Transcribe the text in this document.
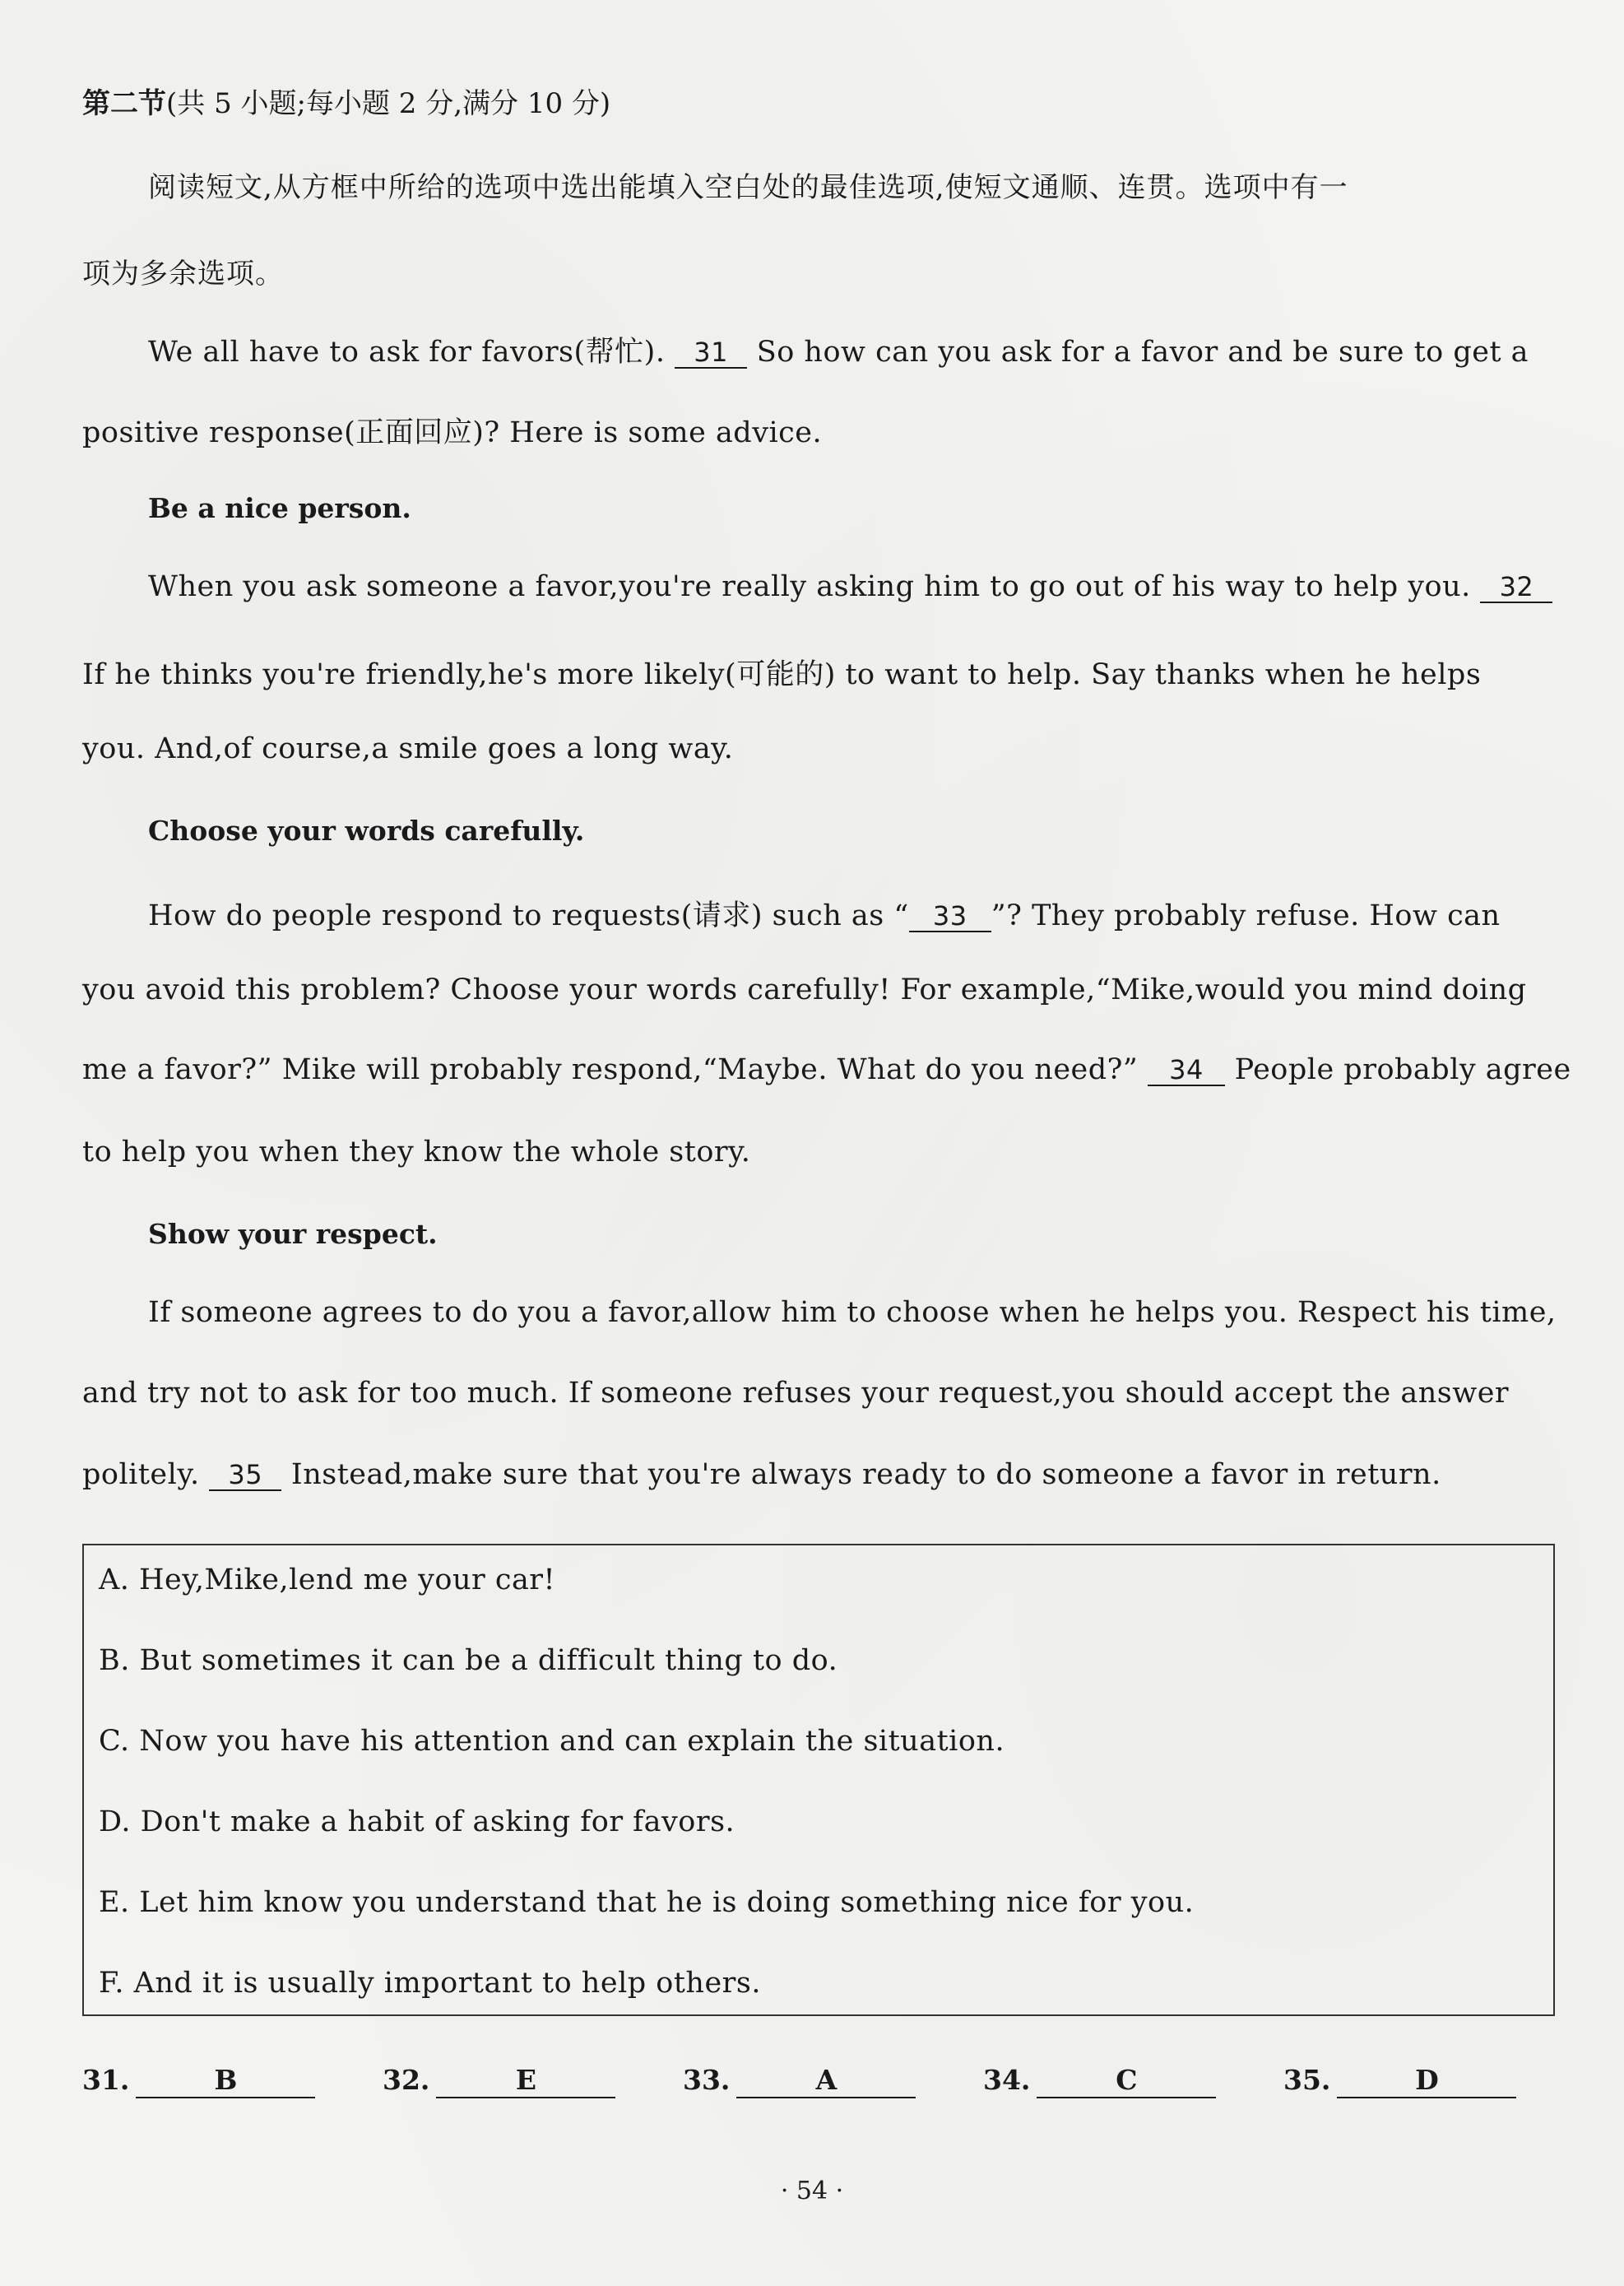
第二节(共 5 小题;每小题 2 分,满分 10 分)
阅读短文,从方框中所给的选项中选出能填入空白处的最佳选项,使短文通顺、连贯。选项中有一
项为多余选项。
We all have to ask for favors(帮忙). 31 So how can you ask for a favor and be sure to get a
positive response(正面回应)? Here is some advice.
Be a nice person.
When you ask someone a favor,you're really asking him to go out of his way to help you. 32
If he thinks you're friendly,he's more likely(可能的) to want to help. Say thanks when he helps
you. And,of course,a smile goes a long way.
Choose your words carefully.
How do people respond to requests(请求) such as “ 33 ”? They probably refuse. How can
you avoid this problem? Choose your words carefully! For example,“Mike,would you mind doing
me a favor?” Mike will probably respond,“Maybe. What do you need?” 34 People probably agree
to help you when they know the whole story.
Show your respect.
If someone agrees to do you a favor,allow him to choose when he helps you. Respect his time,
and try not to ask for too much. If someone refuses your request,you should accept the answer
politely. 35 Instead,make sure that you're always ready to do someone a favor in return.
A. Hey,Mike,lend me your car!
B. But sometimes it can be a difficult thing to do.
C. Now you have his attention and can explain the situation.
D. Don't make a habit of asking for favors.
E. Let him know you understand that he is doing something nice for you.
F. And it is usually important to help others.
31.	B	32.	E	33.	A	34.	C	35.	D
· 54 ·
